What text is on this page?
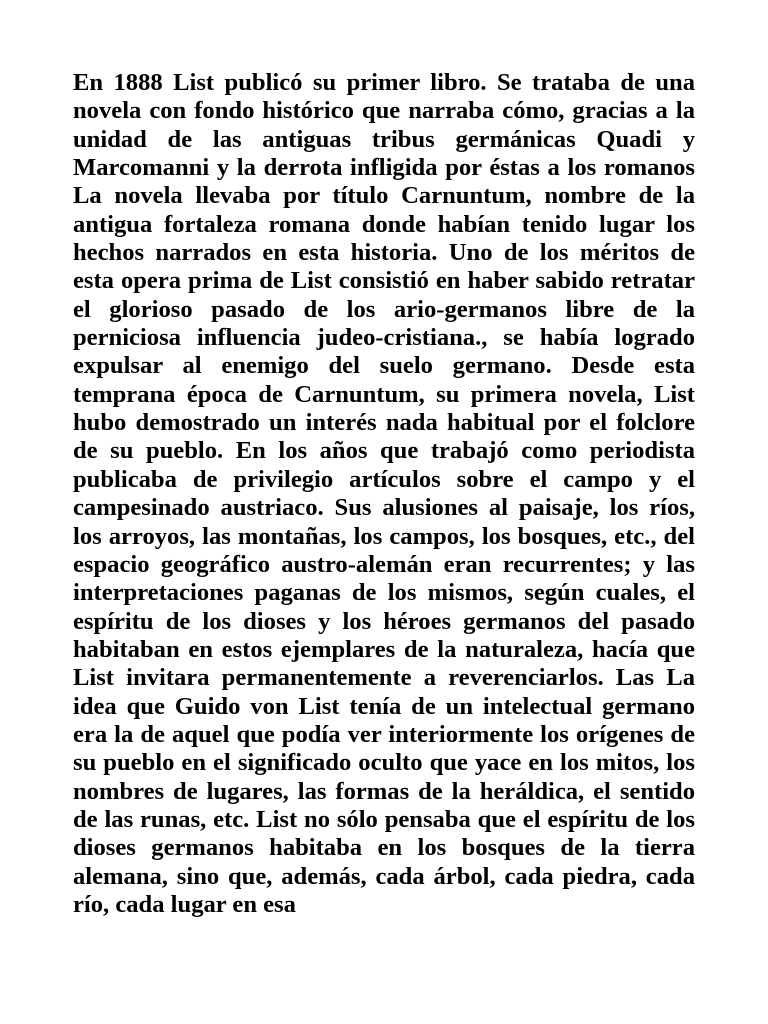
En 1888 List publicó su primer libro. Se trataba de una novela con fondo histórico que narraba cómo, gracias a la unidad de las antiguas tribus germánicas Quadi y Marcomanni y la derrota infligida por éstas a los romanos La novela llevaba por título Carnuntum, nombre de la antigua fortaleza romana donde habían tenido lugar los hechos narrados en esta historia. Uno de los méritos de esta opera prima de List consistió en haber sabido retratar el glorioso pasado de los ario-germanos libre de la perniciosa influencia judeo-cristiana., se había logrado expulsar al enemigo del suelo germano. Desde esta temprana época de Carnuntum, su primera novela, List hubo demostrado un interés nada habitual por el folclore de su pueblo. En los años que trabajó como periodista publicaba de privilegio artículos sobre el campo y el campesinado austriaco. Sus alusiones al paisaje, los ríos, los arroyos, las montañas, los campos, los bosques, etc., del espacio geográfico austro-alemán eran recurrentes; y las interpretaciones paganas de los mismos, según cuales, el espíritu de los dioses y los héroes germanos del pasado habitaban en estos ejemplares de la naturaleza, hacía que List invitara permanentemente a reverenciarlos. Las La idea que Guido von List tenía de un intelectual germano era la de aquel que podía ver interiormente los orígenes de su pueblo en el significado oculto que yace en los mitos, los nombres de lugares, las formas de la heráldica, el sentido de las runas, etc. List no sólo pensaba que el espíritu de los dioses germanos habitaba en los bosques de la tierra alemana, sino que, además, cada árbol, cada piedra, cada río, cada lugar en esa
